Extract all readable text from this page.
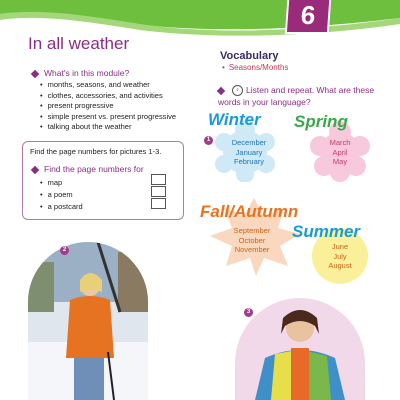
6
In all weather
What's in this module?
• months, seasons, and weather
• clothes, accessories, and activities
• present progressive
• simple present vs. present progressive
• talking about the weather
Find the page numbers for pictures 1-3.
Find the page numbers for
• map
• a poem
• a postcard
Vocabulary
• Seasons/Months
♪ Listen and repeat. What are these words in your language?
Winter
December
January
February
1
Spring
March
April
May
Fall/Autumn
September
October
November
Summer
June
July
August
2
3
